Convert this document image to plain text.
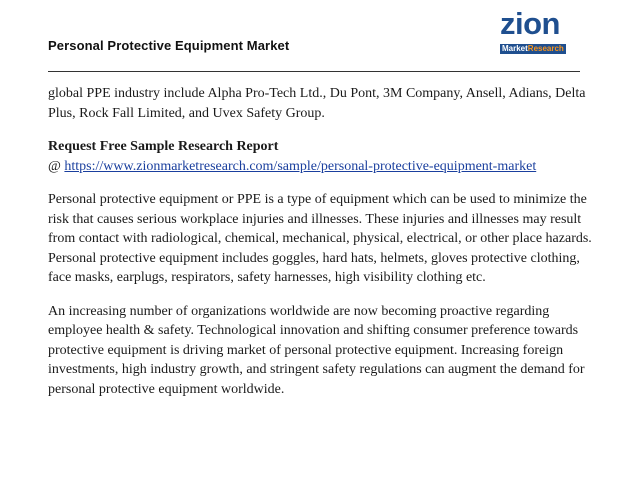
Personal Protective Equipment Market
zion
MarketResearch

global PPE industry include Alpha Pro-Tech Ltd., Du Pont, 3M Company, Ansell, Adians, Delta Plus, Rock Fall Limited, and Uvex Safety Group.

Request Free Sample Research Report
@ https://www.zionmarketresearch.com/sample/personal-protective-equipment-market

Personal protective equipment or PPE is a type of equipment which can be used to minimize the risk that causes serious workplace injuries and illnesses. These injuries and illnesses may result from contact with radiological, chemical, mechanical, physical, electrical, or other place hazards. Personal protective equipment includes goggles, hard hats, helmets, gloves protective clothing, face masks, earplugs, respirators, safety harnesses, high visibility clothing etc.

An increasing number of organizations worldwide are now becoming proactive regarding employee health & safety. Technological innovation and shifting consumer preference towards protective equipment is driving market of personal protective equipment. Increasing foreign investments, high industry growth, and stringent safety regulations can augment the demand for personal protective equipment worldwide.
